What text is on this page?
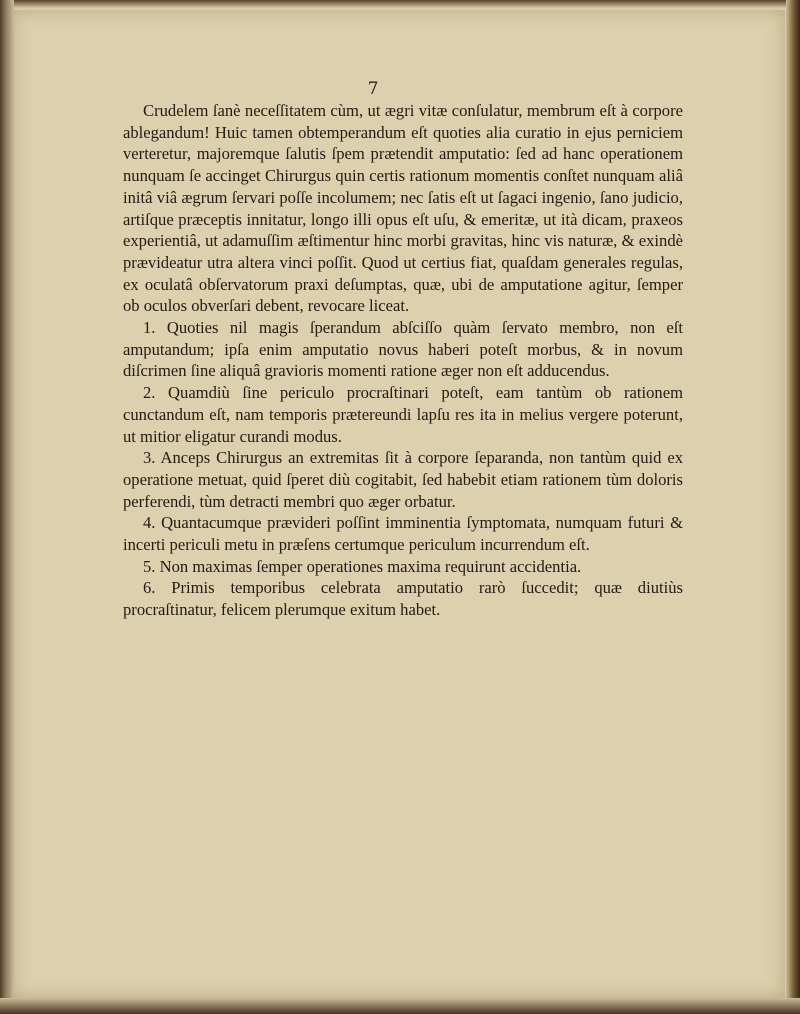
7

Crudelem ſanè neceſſitatem cùm, ut ægri vitæ conſulatur, membrum eſt à corpore ablegandum! Huic tamen obtemperandum eſt quoties alia curatio in ejus perniciem verteretur, majoremque ſalutis ſpem prætendit amputatio: ſed ad hanc operationem nunquam ſe accinget Chirurgus quin certis rationum momentis conſtet nunquam aliâ initâ viâ ægrum ſervari poſſe incolumem; nec ſatis eſt ut ſagaci ingenio, ſano judicio, artiſque præceptis innitatur, longo illi opus eſt uſu, & emeritæ, ut ità dicam, praxeos experientiâ, ut adamuſſim æſtimentur hinc morbi gravitas, hinc vis naturæ, & exindè prævideatur utra altera vinci poſſit. Quod ut certius fiat, quaſdam generales regulas, ex oculatâ obſervatorum praxi deſumptas, quæ, ubi de amputatione agitur, ſemper ob oculos obverſari debent, revocare liceat.

1. Quoties nil magis ſperandum abſciſſo quàm ſervato membro, non eſt amputandum; ipſa enim amputatio novus haberi poteſt morbus, & in novum diſcrimen ſine aliquâ gravioris momenti ratione æger non eſt adducendus.

2. Quamdiù ſine periculo procraſtinari poteſt, eam tantùm ob rationem cunctandum eſt, nam temporis prætereundi lapſu res ita in melius vergere poterunt, ut mitior eligatur curandi modus.

3. Anceps Chirurgus an extremitas ſit à corpore ſeparanda, non tantùm quid ex operatione metuat, quid ſperet diù cogitabit, ſed habebit etiam rationem tùm doloris perferendi, tùm detracti membri quo æger orbatur.

4. Quantacumque prævideri poſſint imminentia ſymptomata, numquam futuri & incerti periculi metu in præſens certumque periculum incurrendum eſt.

5. Non maximas ſemper operationes maxima requirunt accidentia.

6. Primis temporibus celebrata amputatio rarò ſuccedit; quæ diutiùs procraſtinatur, felicem plerumque exitum habet.
